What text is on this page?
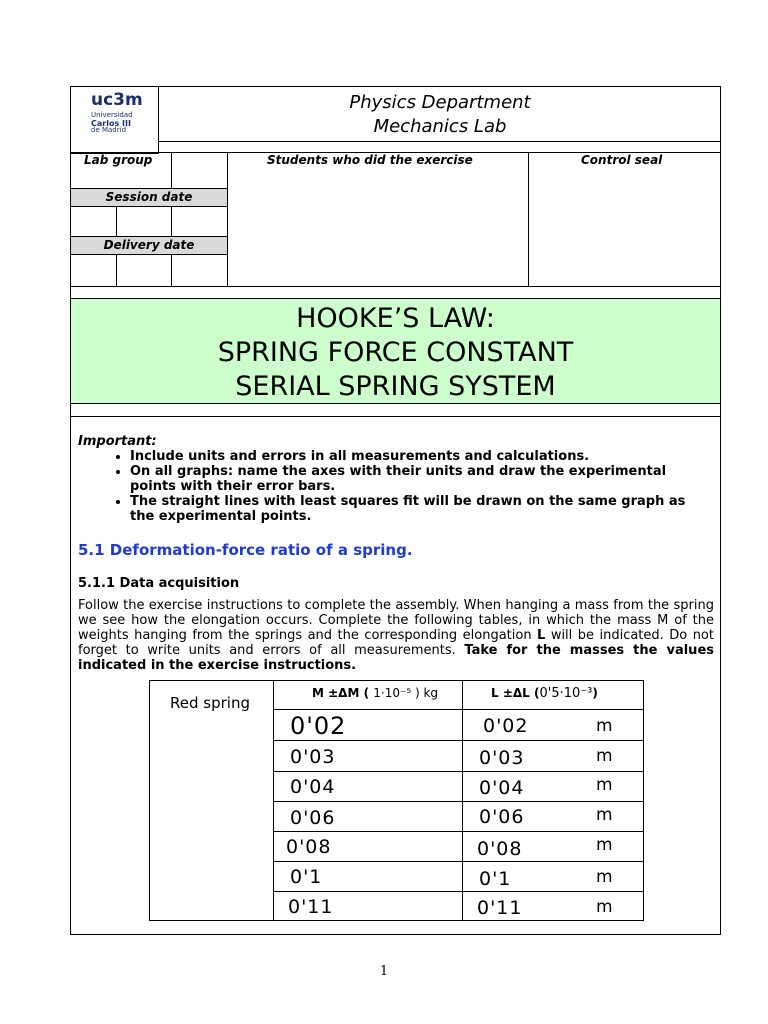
uc3m
Universidad
Carlos III
de Madrid
Physics Department
Mechanics Lab
Lab group	Students who did the exercise	Control seal
Session date
Delivery date
HOOKE’S LAW:
SPRING FORCE CONSTANT
SERIAL SPRING SYSTEM
Important:
• Include units and errors in all measurements and calculations.
• On all graphs: name the axes with their units and draw the experimental points with their error bars.
• The straight lines with least squares fit will be drawn on the same graph as the experimental points.
5.1 Deformation-force ratio of a spring.
5.1.1 Data acquisition
Follow the exercise instructions to complete the assembly. When hanging a mass from the spring we see how the elongation occurs. Complete the following tables, in which the mass M of the weights hanging from the springs and the corresponding elongation L will be indicated. Do not forget to write units and errors of all measurements. Take for the masses the values indicated in the exercise instructions.
Red spring
M ±ΔM ( 1·10⁻⁵ ) kg	L ±ΔL (0'5·10⁻³)
0'02	0'02	m
0'03	0'03	m
0'04	0'04	m
0'06	0'06	m
0'08	0'08	m
0'1	0'1	m
0'11	0'11	m
1
